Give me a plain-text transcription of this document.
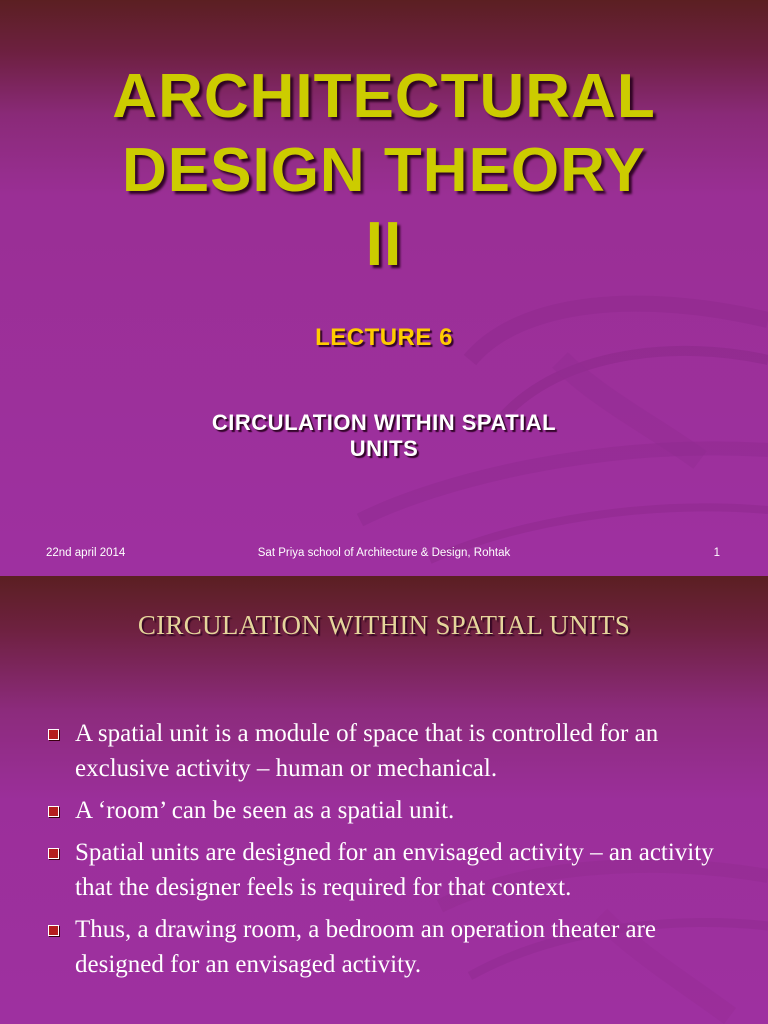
ARCHITECTURAL
DESIGN THEORY
II
LECTURE 6
CIRCULATION WITHIN SPATIAL
UNITS
22nd april 2014	Sat Priya school of Architecture & Design, Rohtak	1
CIRCULATION WITHIN SPATIAL UNITS
A spatial unit is a module of space that is controlled for an exclusive activity – human or mechanical.
A ‘room’ can be seen as a spatial unit.
Spatial units are designed for an envisaged activity – an activity that the designer feels is required for that context.
Thus, a drawing room, a bedroom an operation theater are designed for an envisaged activity.
